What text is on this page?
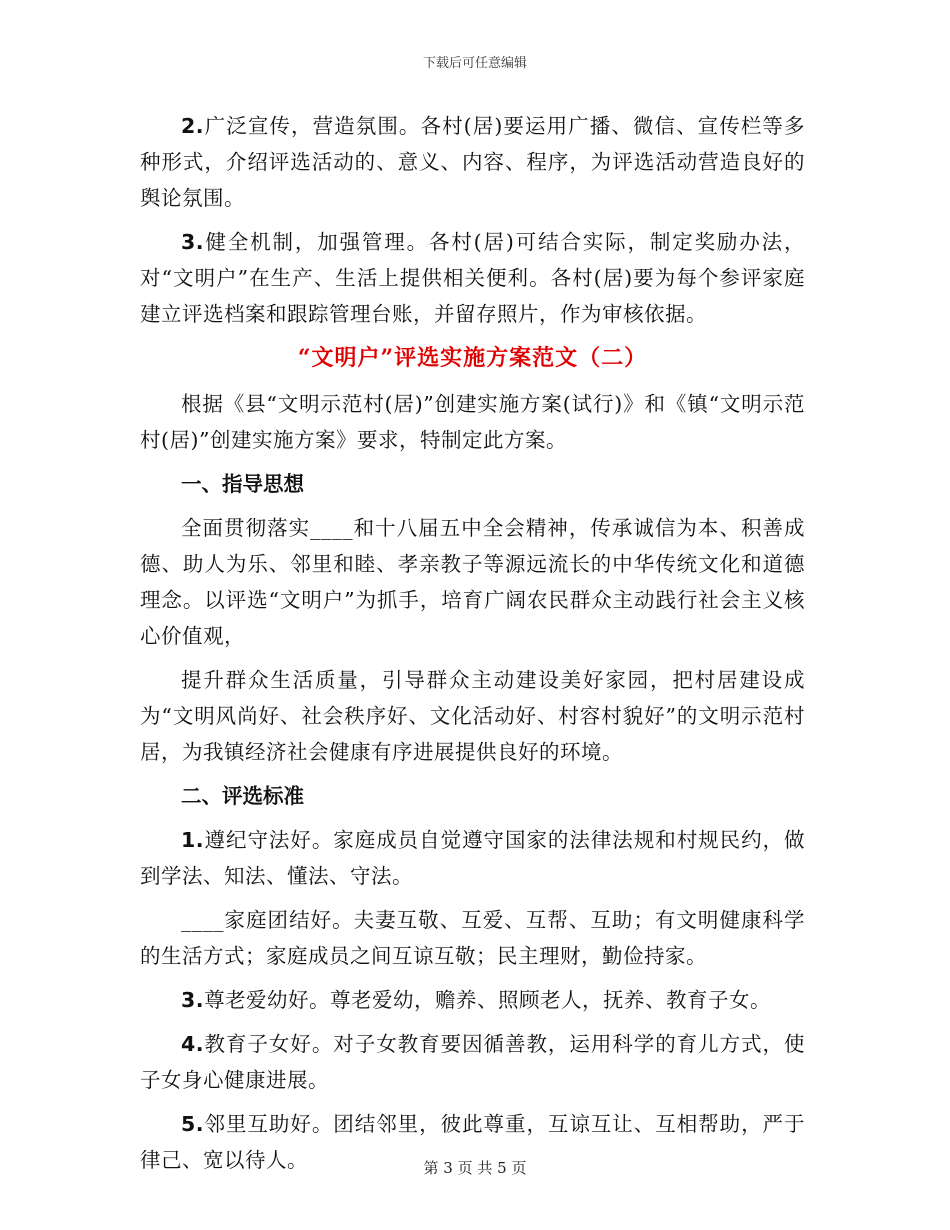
下载后可任意编辑

2.广泛宣传，营造氛围。各村(居)要运用广播、微信、宣传栏等多种形式，介绍评选活动的、意义、内容、程序，为评选活动营造良好的舆论氛围。

3.健全机制，加强管理。各村(居)可结合实际，制定奖励办法，对“文明户”在生产、生活上提供相关便利。各村(居)要为每个参评家庭建立评选档案和跟踪管理台账，并留存照片，作为审核依据。

“文明户”评选实施方案范文（二）

根据《县“文明示范村(居)”创建实施方案(试行)》和《镇“文明示范村(居)”创建实施方案》要求，特制定此方案。

一、指导思想

全面贯彻落实____和十八届五中全会精神，传承诚信为本、积善成德、助人为乐、邻里和睦、孝亲教子等源远流长的中华传统文化和道德理念。以评选“文明户”为抓手，培育广阔农民群众主动践行社会主义核心价值观，

提升群众生活质量，引导群众主动建设美好家园，把村居建设成为“文明风尚好、社会秩序好、文化活动好、村容村貌好”的文明示范村居，为我镇经济社会健康有序进展提供良好的环境。

二、评选标准

1.遵纪守法好。家庭成员自觉遵守国家的法律法规和村规民约，做到学法、知法、懂法、守法。

____家庭团结好。夫妻互敬、互爱、互帮、互助；有文明健康科学的生活方式；家庭成员之间互谅互敬；民主理财，勤俭持家。

3.尊老爱幼好。尊老爱幼，赡养、照顾老人，抚养、教育子女。

4.教育子女好。对子女教育要因循善教，运用科学的育儿方式，使子女身心健康进展。

5.邻里互助好。团结邻里，彼此尊重，互谅互让、互相帮助，严于律己、宽以待人。	第 3 页 共 5 页
